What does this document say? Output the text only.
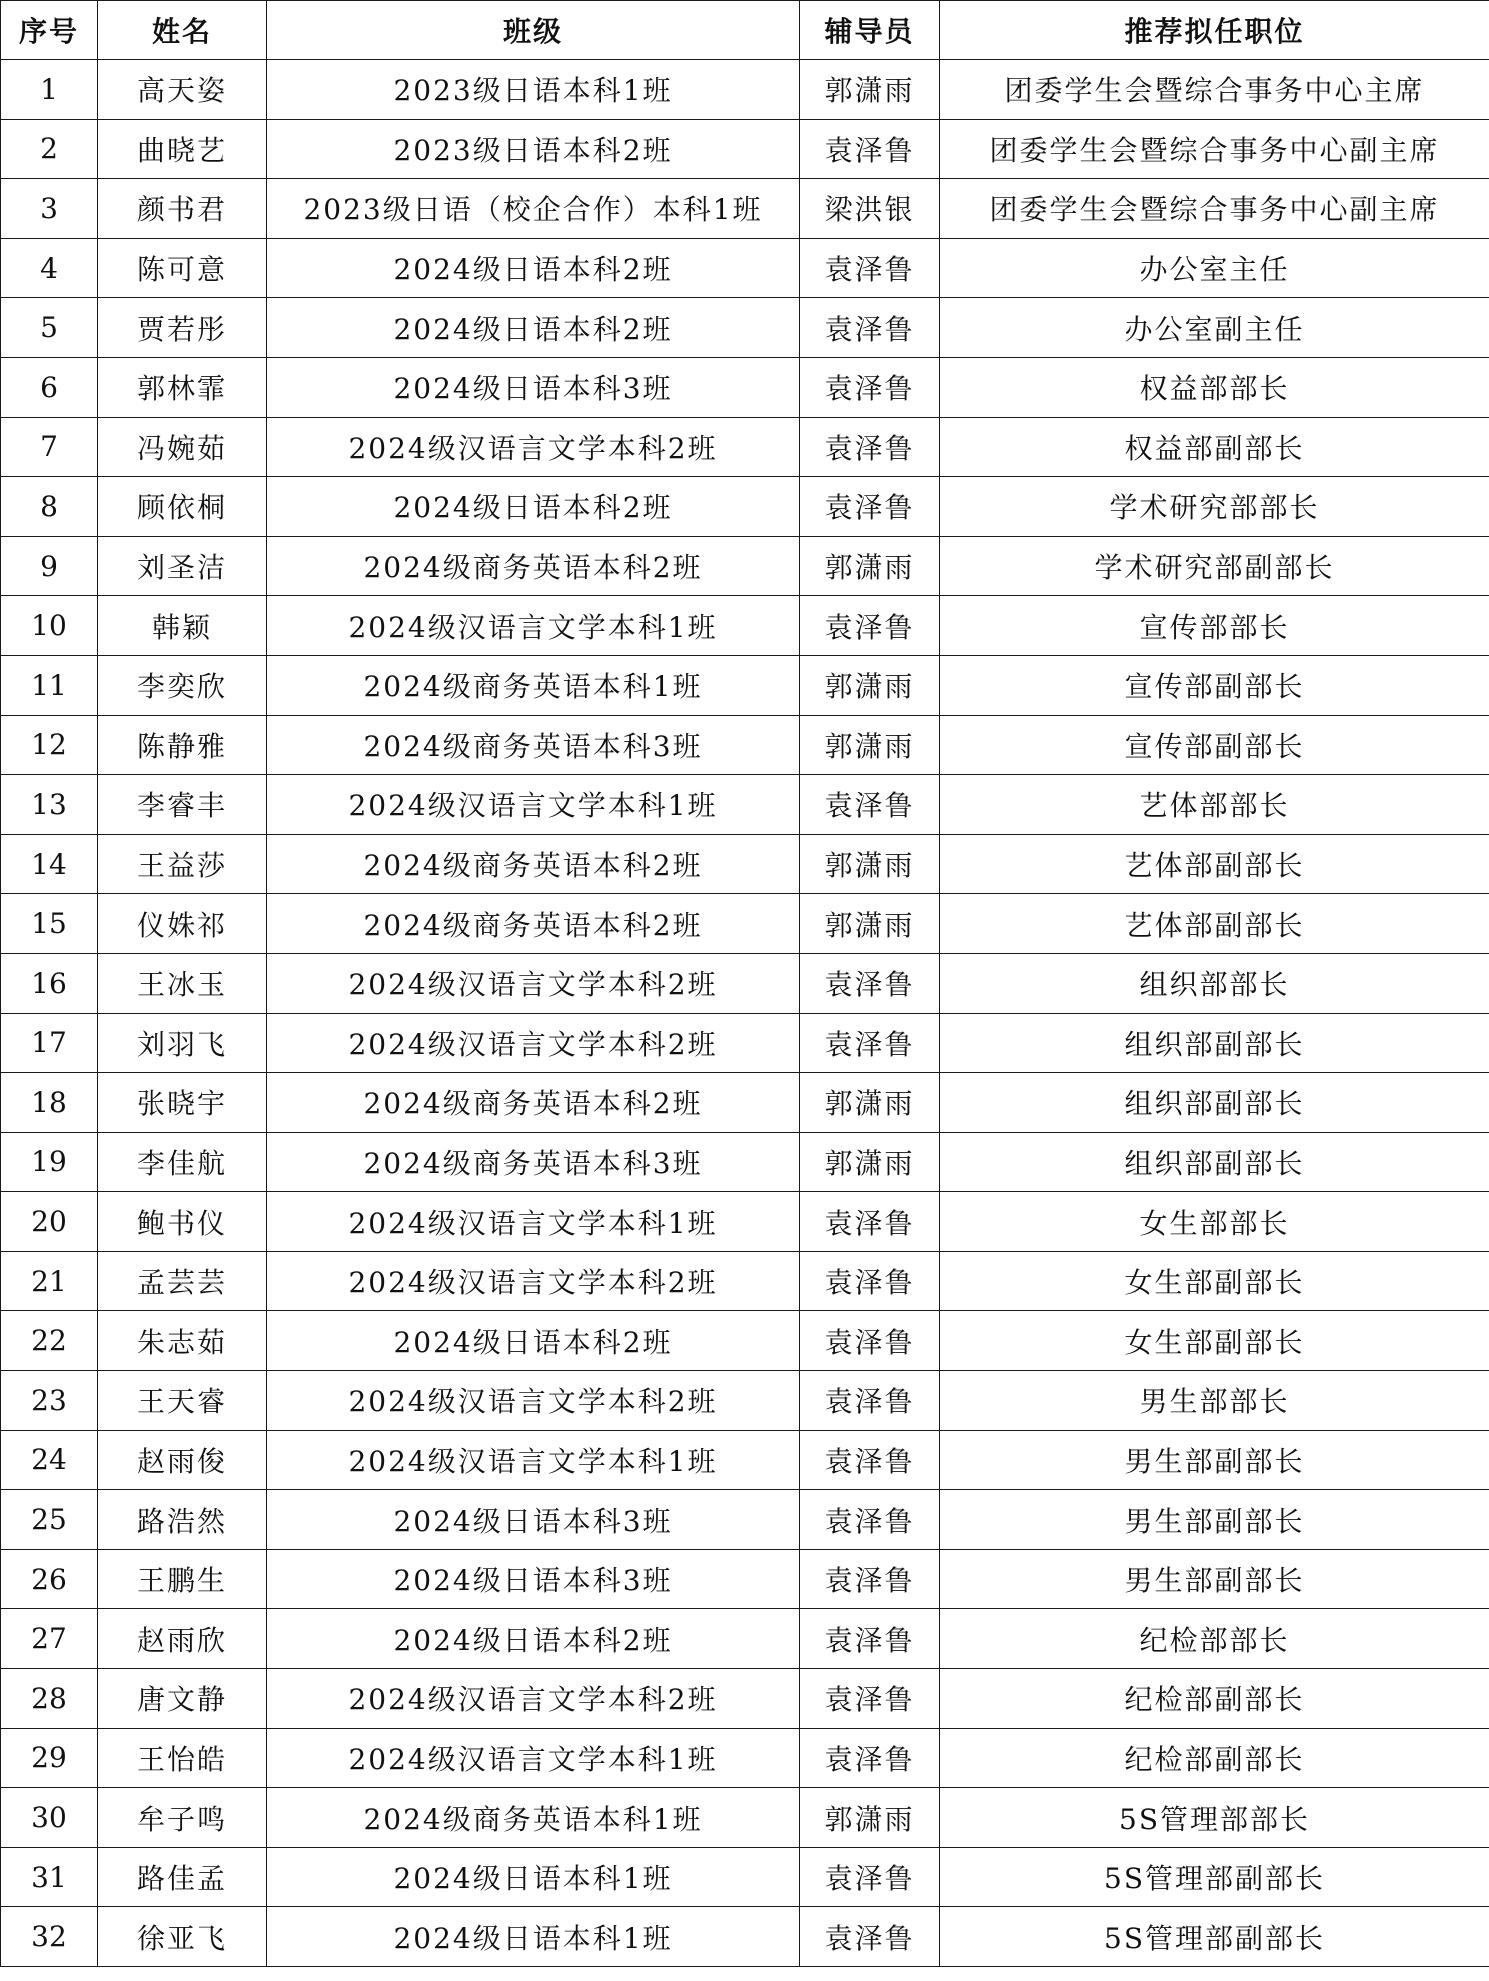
序号	姓名	班级	辅导员	推荐拟任职位
1	高天姿	2023级日语本科1班	郭潇雨	团委学生会暨综合事务中心主席
2	曲晓艺	2023级日语本科2班	袁泽鲁	团委学生会暨综合事务中心副主席
3	颜书君	2023级日语（校企合作）本科1班	梁洪银	团委学生会暨综合事务中心副主席
4	陈可意	2024级日语本科2班	袁泽鲁	办公室主任
5	贾若彤	2024级日语本科2班	袁泽鲁	办公室副主任
6	郭林霏	2024级日语本科3班	袁泽鲁	权益部部长
7	冯婉茹	2024级汉语言文学本科2班	袁泽鲁	权益部副部长
8	顾依桐	2024级日语本科2班	袁泽鲁	学术研究部部长
9	刘圣洁	2024级商务英语本科2班	郭潇雨	学术研究部副部长
10	韩颖	2024级汉语言文学本科1班	袁泽鲁	宣传部部长
11	李奕欣	2024级商务英语本科1班	郭潇雨	宣传部副部长
12	陈静雅	2024级商务英语本科3班	郭潇雨	宣传部副部长
13	李睿丰	2024级汉语言文学本科1班	袁泽鲁	艺体部部长
14	王益莎	2024级商务英语本科2班	郭潇雨	艺体部副部长
15	仪姝祁	2024级商务英语本科2班	郭潇雨	艺体部副部长
16	王冰玉	2024级汉语言文学本科2班	袁泽鲁	组织部部长
17	刘羽飞	2024级汉语言文学本科2班	袁泽鲁	组织部副部长
18	张晓宇	2024级商务英语本科2班	郭潇雨	组织部副部长
19	李佳航	2024级商务英语本科3班	郭潇雨	组织部副部长
20	鲍书仪	2024级汉语言文学本科1班	袁泽鲁	女生部部长
21	孟芸芸	2024级汉语言文学本科2班	袁泽鲁	女生部副部长
22	朱志茹	2024级日语本科2班	袁泽鲁	女生部副部长
23	王天睿	2024级汉语言文学本科2班	袁泽鲁	男生部部长
24	赵雨俊	2024级汉语言文学本科1班	袁泽鲁	男生部副部长
25	路浩然	2024级日语本科3班	袁泽鲁	男生部副部长
26	王鹏生	2024级日语本科3班	袁泽鲁	男生部副部长
27	赵雨欣	2024级日语本科2班	袁泽鲁	纪检部部长
28	唐文静	2024级汉语言文学本科2班	袁泽鲁	纪检部副部长
29	王怡皓	2024级汉语言文学本科1班	袁泽鲁	纪检部副部长
30	牟子鸣	2024级商务英语本科1班	郭潇雨	5S管理部部长
31	路佳孟	2024级日语本科1班	袁泽鲁	5S管理部副部长
32	徐亚飞	2024级日语本科1班	袁泽鲁	5S管理部副部长
